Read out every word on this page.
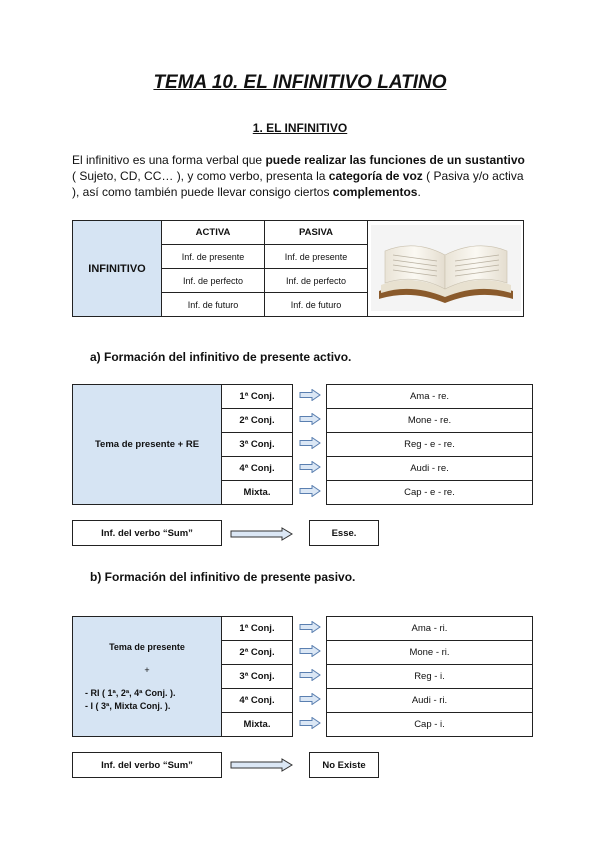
TEMA 10. EL INFINITIVO LATINO
1. EL INFINITIVO
El infinitivo es una forma verbal que puede realizar las funciones de un sustantivo ( Sujeto, CD, CC… ), y como verbo, presenta la categoría de voz ( Pasiva y/o activa ), así como también puede llevar consigo ciertos complementos.
INFINITIVO	ACTIVA	PASIVA	
	Inf. de presente	Inf. de presente	
	Inf. de perfecto	Inf. de perfecto	
	Inf. de futuro	Inf. de futuro	
a) Formación del infinitivo de presente activo.
Tema de presente + RE	1ª Conj.		Ama - re.
	2ª Conj.		Mone - re.
	3ª Conj.		Reg - e - re.
	4ª Conj.		Audi - re.
	Mixta.		Cap - e - re.
Inf. del verbo “Sum”	Esse.
b) Formación del infinitivo de presente pasivo.
Tema de presente
+
- RI ( 1ª, 2ª, 4ª Conj. ).
- I ( 3ª, Mixta Conj. ).	1ª Conj.		Ama - ri.
	2ª Conj.		Mone - ri.
	3ª Conj.		Reg - i.
	4ª Conj.		Audi - ri.
	Mixta.		Cap - i.
Inf. del verbo “Sum”	No Existe
